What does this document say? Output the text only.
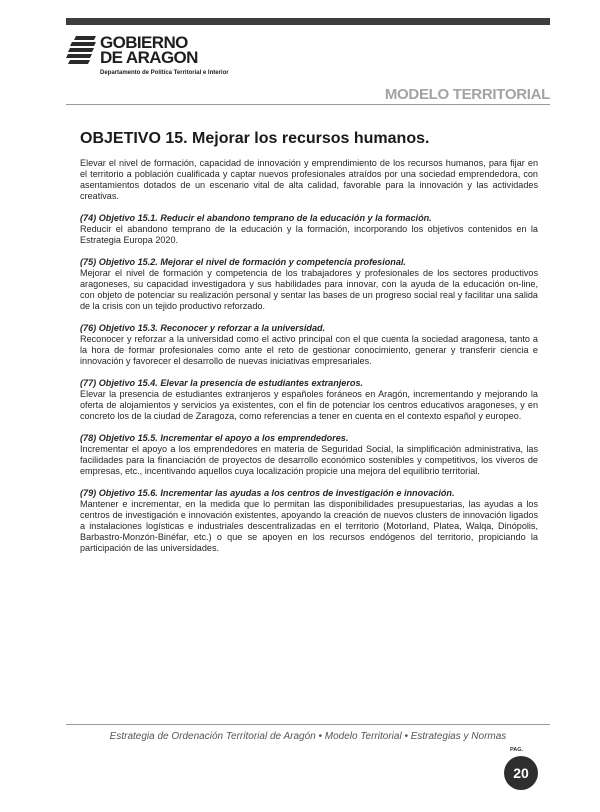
GOBIERNO
DE ARAGON
Departamento de Política Territorial e Interior
MODELO TERRITORIAL
OBJETIVO 15. Mejorar los recursos humanos.

Elevar el nivel de formación, capacidad de innovación y emprendimiento de los recursos humanos, para fijar en el territorio a población cualificada y captar nuevos profesionales atraídos por una sociedad emprendedora, con asentamientos dotados de un escenario vital de alta calidad, favorable para la innovación y las actividades creativas.

(74) Objetivo 15.1. Reducir el abandono temprano de la educación y la formación.
Reducir el abandono temprano de la educación y la formación, incorporando los objetivos contenidos en la Estrategia Europa 2020.
(75) Objetivo 15.2. Mejorar el nivel de formación y competencia profesional.
Mejorar el nivel de formación y competencia de los trabajadores y profesionales de los sectores productivos aragoneses, su capacidad investigadora y sus habilidades para innovar, con la ayuda de la educación on-line, con objeto de potenciar su realización personal y sentar las bases de un progreso social real y facilitar una salida de la crisis con un tejido productivo reforzado.
(76) Objetivo 15.3. Reconocer y reforzar a la universidad.
Reconocer y reforzar a la universidad como el activo principal con el que cuenta la sociedad aragonesa, tanto a la hora de formar profesionales como ante el reto de gestionar conocimiento, generar y transferir ciencia e innovación y favorecer el desarrollo de nuevas iniciativas empresariales.
(77) Objetivo 15.4. Elevar la presencia de estudiantes extranjeros.
Elevar la presencia de estudiantes extranjeros y españoles foráneos en Aragón, incrementando y mejorando la oferta de alojamientos y servicios ya existentes, con el fin de potenciar los centros educativos aragoneses, y en concreto los de la ciudad de Zaragoza, como referencias a tener en cuenta en el contexto español y europeo.
(78) Objetivo 15.5. Incrementar el apoyo a los emprendedores.
Incrementar el apoyo a los emprendedores en materia de Seguridad Social, la simplificación administrativa, las facilidades para la financiación de proyectos de desarrollo económico sostenibles y competitivos, los viveros de empresas, etc., incentivando aquellos cuya localización propicie una mejora del equilibrio territorial.
(79) Objetivo 15.6. Incrementar las ayudas a los centros de investigación e innovación.
Mantener e incrementar, en la medida que lo permitan las disponibilidades presupuestarias, las ayudas a los centros de investigación e innovación existentes, apoyando la creación de nuevos clusters de innovación ligados a instalaciones logísticas e industriales descentralizadas en el territorio (Motorland, Platea, Walqa, Dinópolis, Barbastro-Monzón-Binéfar, etc.) o que se apoyen en los recursos endógenos del territorio, propiciando la participación de las universidades.
Estrategia de Ordenación Territorial de Aragón • Modelo Territorial • Estrategias y Normas
PAG.
20
